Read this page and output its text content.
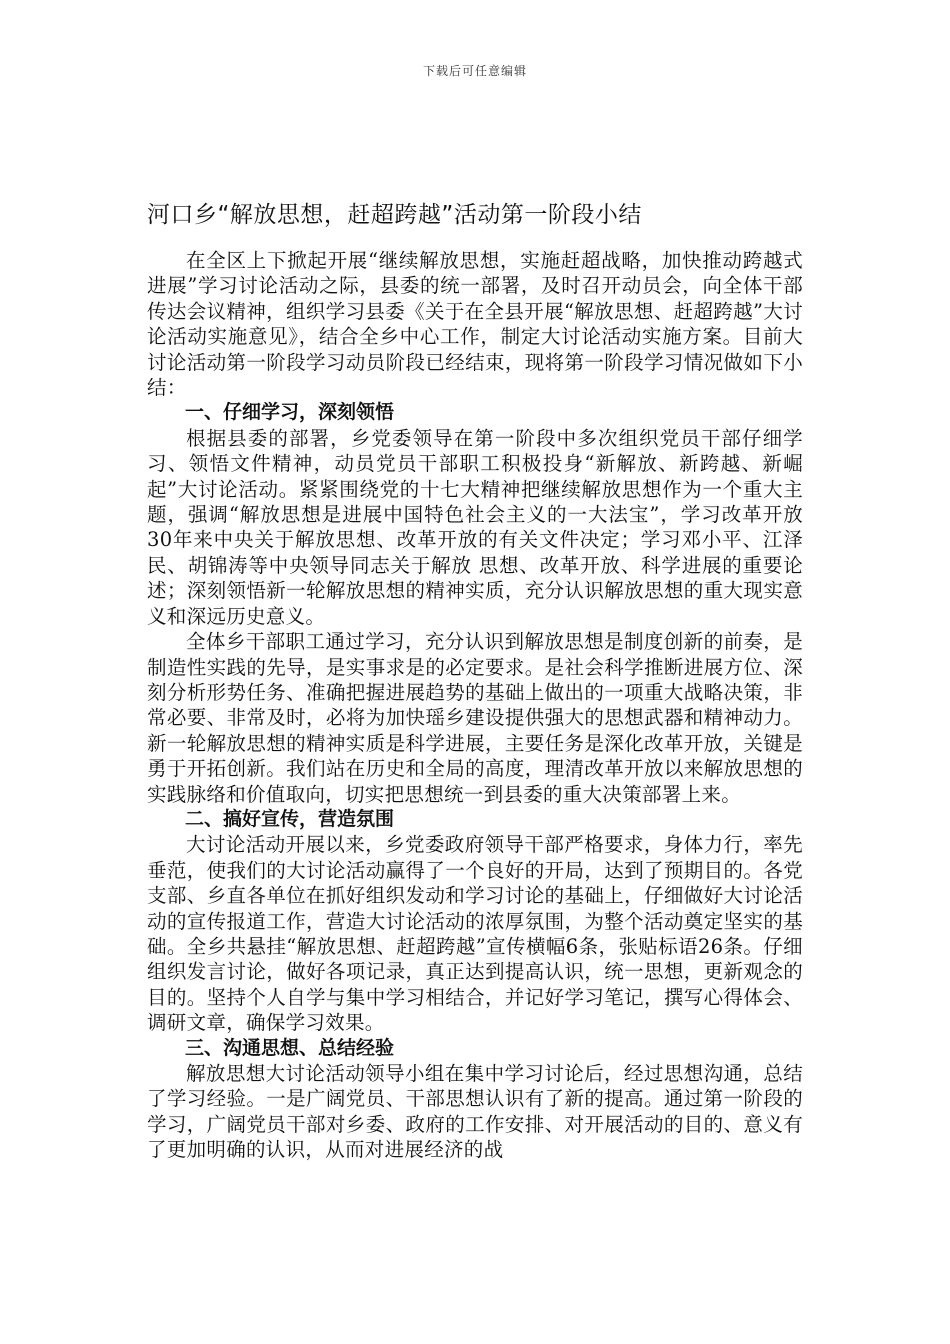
下载后可任意编辑
河口乡“解放思想，赶超跨越”活动第一阶段小结

在全区上下掀起开展“继续解放思想，实施赶超战略，加快推动跨越式进展”学习讨论活动之际，县委的统一部署，及时召开动员会，向全体干部传达会议精神，组织学习县委《关于在全县开展“解放思想、赶超跨越”大讨论活动实施意见》，结合全乡中心工作，制定大讨论活动实施方案。目前大讨论活动第一阶段学习动员阶段已经结束，现将第一阶段学习情况做如下小结：

一、仔细学习，深刻领悟

根据县委的部署，乡党委领导在第一阶段中多次组织党员干部仔细学习、领悟文件精神，动员党员干部职工积极投身“新解放、新跨越、新崛起”大讨论活动。紧紧围绕党的十七大精神把继续解放思想作为一个重大主题，强调“解放思想是进展中国特色社会主义的一大法宝”，学习改革开放30年来中央关于解放思想、改革开放的有关文件决定；学习邓小平、江泽民、胡锦涛等中央领导同志关于解放 思想、改革开放、科学进展的重要论述；深刻领悟新一轮解放思想的精神实质，充分认识解放思想的重大现实意义和深远历史意义。

全体乡干部职工通过学习，充分认识到解放思想是制度创新的前奏，是制造性实践的先导，是实事求是的必定要求。是社会科学推断进展方位、深刻分析形势任务、准确把握进展趋势的基础上做出的一项重大战略决策，非常必要、非常及时，必将为加快瑶乡建设提供强大的思想武器和精神动力。新一轮解放思想的精神实质是科学进展，主要任务是深化改革开放，关键是勇于开拓创新。我们站在历史和全局的高度，理清改革开放以来解放思想的实践脉络和价值取向，切实把思想统一到县委的重大决策部署上来。

二、搞好宣传，营造氛围

大讨论活动开展以来，乡党委政府领导干部严格要求，身体力行，率先垂范，使我们的大讨论活动赢得了一个良好的开局，达到了预期目的。各党支部、乡直各单位在抓好组织发动和学习讨论的基础上，仔细做好大讨论活动的宣传报道工作，营造大讨论活动的浓厚氛围，为整个活动奠定坚实的基础。全乡共悬挂“解放思想、赶超跨越”宣传横幅6条，张贴标语26条。仔细组织发言讨论，做好各项记录，真正达到提高认识，统一思想，更新观念的目的。坚持个人自学与集中学习相结合，并记好学习笔记，撰写心得体会、调研文章，确保学习效果。

三、沟通思想、总结经验

解放思想大讨论活动领导小组在集中学习讨论后，经过思想沟通，总结了学习经验。一是广阔党员、干部思想认识有了新的提高。通过第一阶段的学习，广阔党员干部对乡委、政府的工作安排、对开展活动的目的、意义有了更加明确的认识，从而对进展经济的战
